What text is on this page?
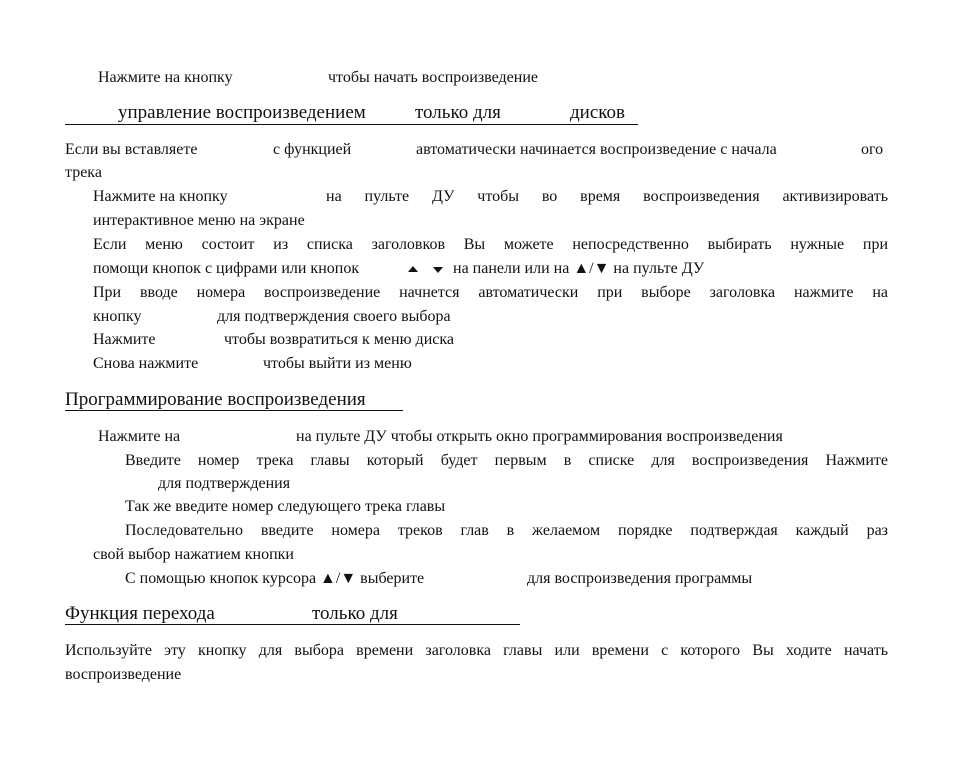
Нажмите на кнопку	чтобы начать воспроизведение
управление воспроизведением	только для	дисков
Если вы вставляете	с функцией	автоматически начинается воспроизведение с начала	ого
трека
Нажмите на кнопку	на пульте ДУ чтобы во время воспроизведения активизировать
интерактивное меню на экране
Если меню состоит из списка заголовков Вы можете непосредственно выбирать нужные при
помощи кнопок с цифрами или кнопок	на панели или на ▲/▼ на пульте ДУ
При вводе номера воспроизведение начнется автоматически при выборе заголовка нажмите на
кнопку	для подтверждения своего выбора
Нажмите	чтобы возвратиться к меню диска
Снова нажмите	чтобы выйти из меню
Программирование воспроизведения
Нажмите на	на пульте ДУ чтобы открыть окно программирования воспроизведения
Введите номер трека главы который будет первым в списке для воспроизведения Нажмите
для подтверждения
Так же введите номер следующего трека главы
Последовательно введите номера треков глав в желаемом порядке подтверждая каждый раз
свой выбор нажатием кнопки
С помощью кнопок курсора ▲/▼ выберите	для воспроизведения программы
Функция перехода	только для
Используйте эту кнопку для выбора времени заголовка главы или времени с которого Вы ходите начать
воспроизведение
